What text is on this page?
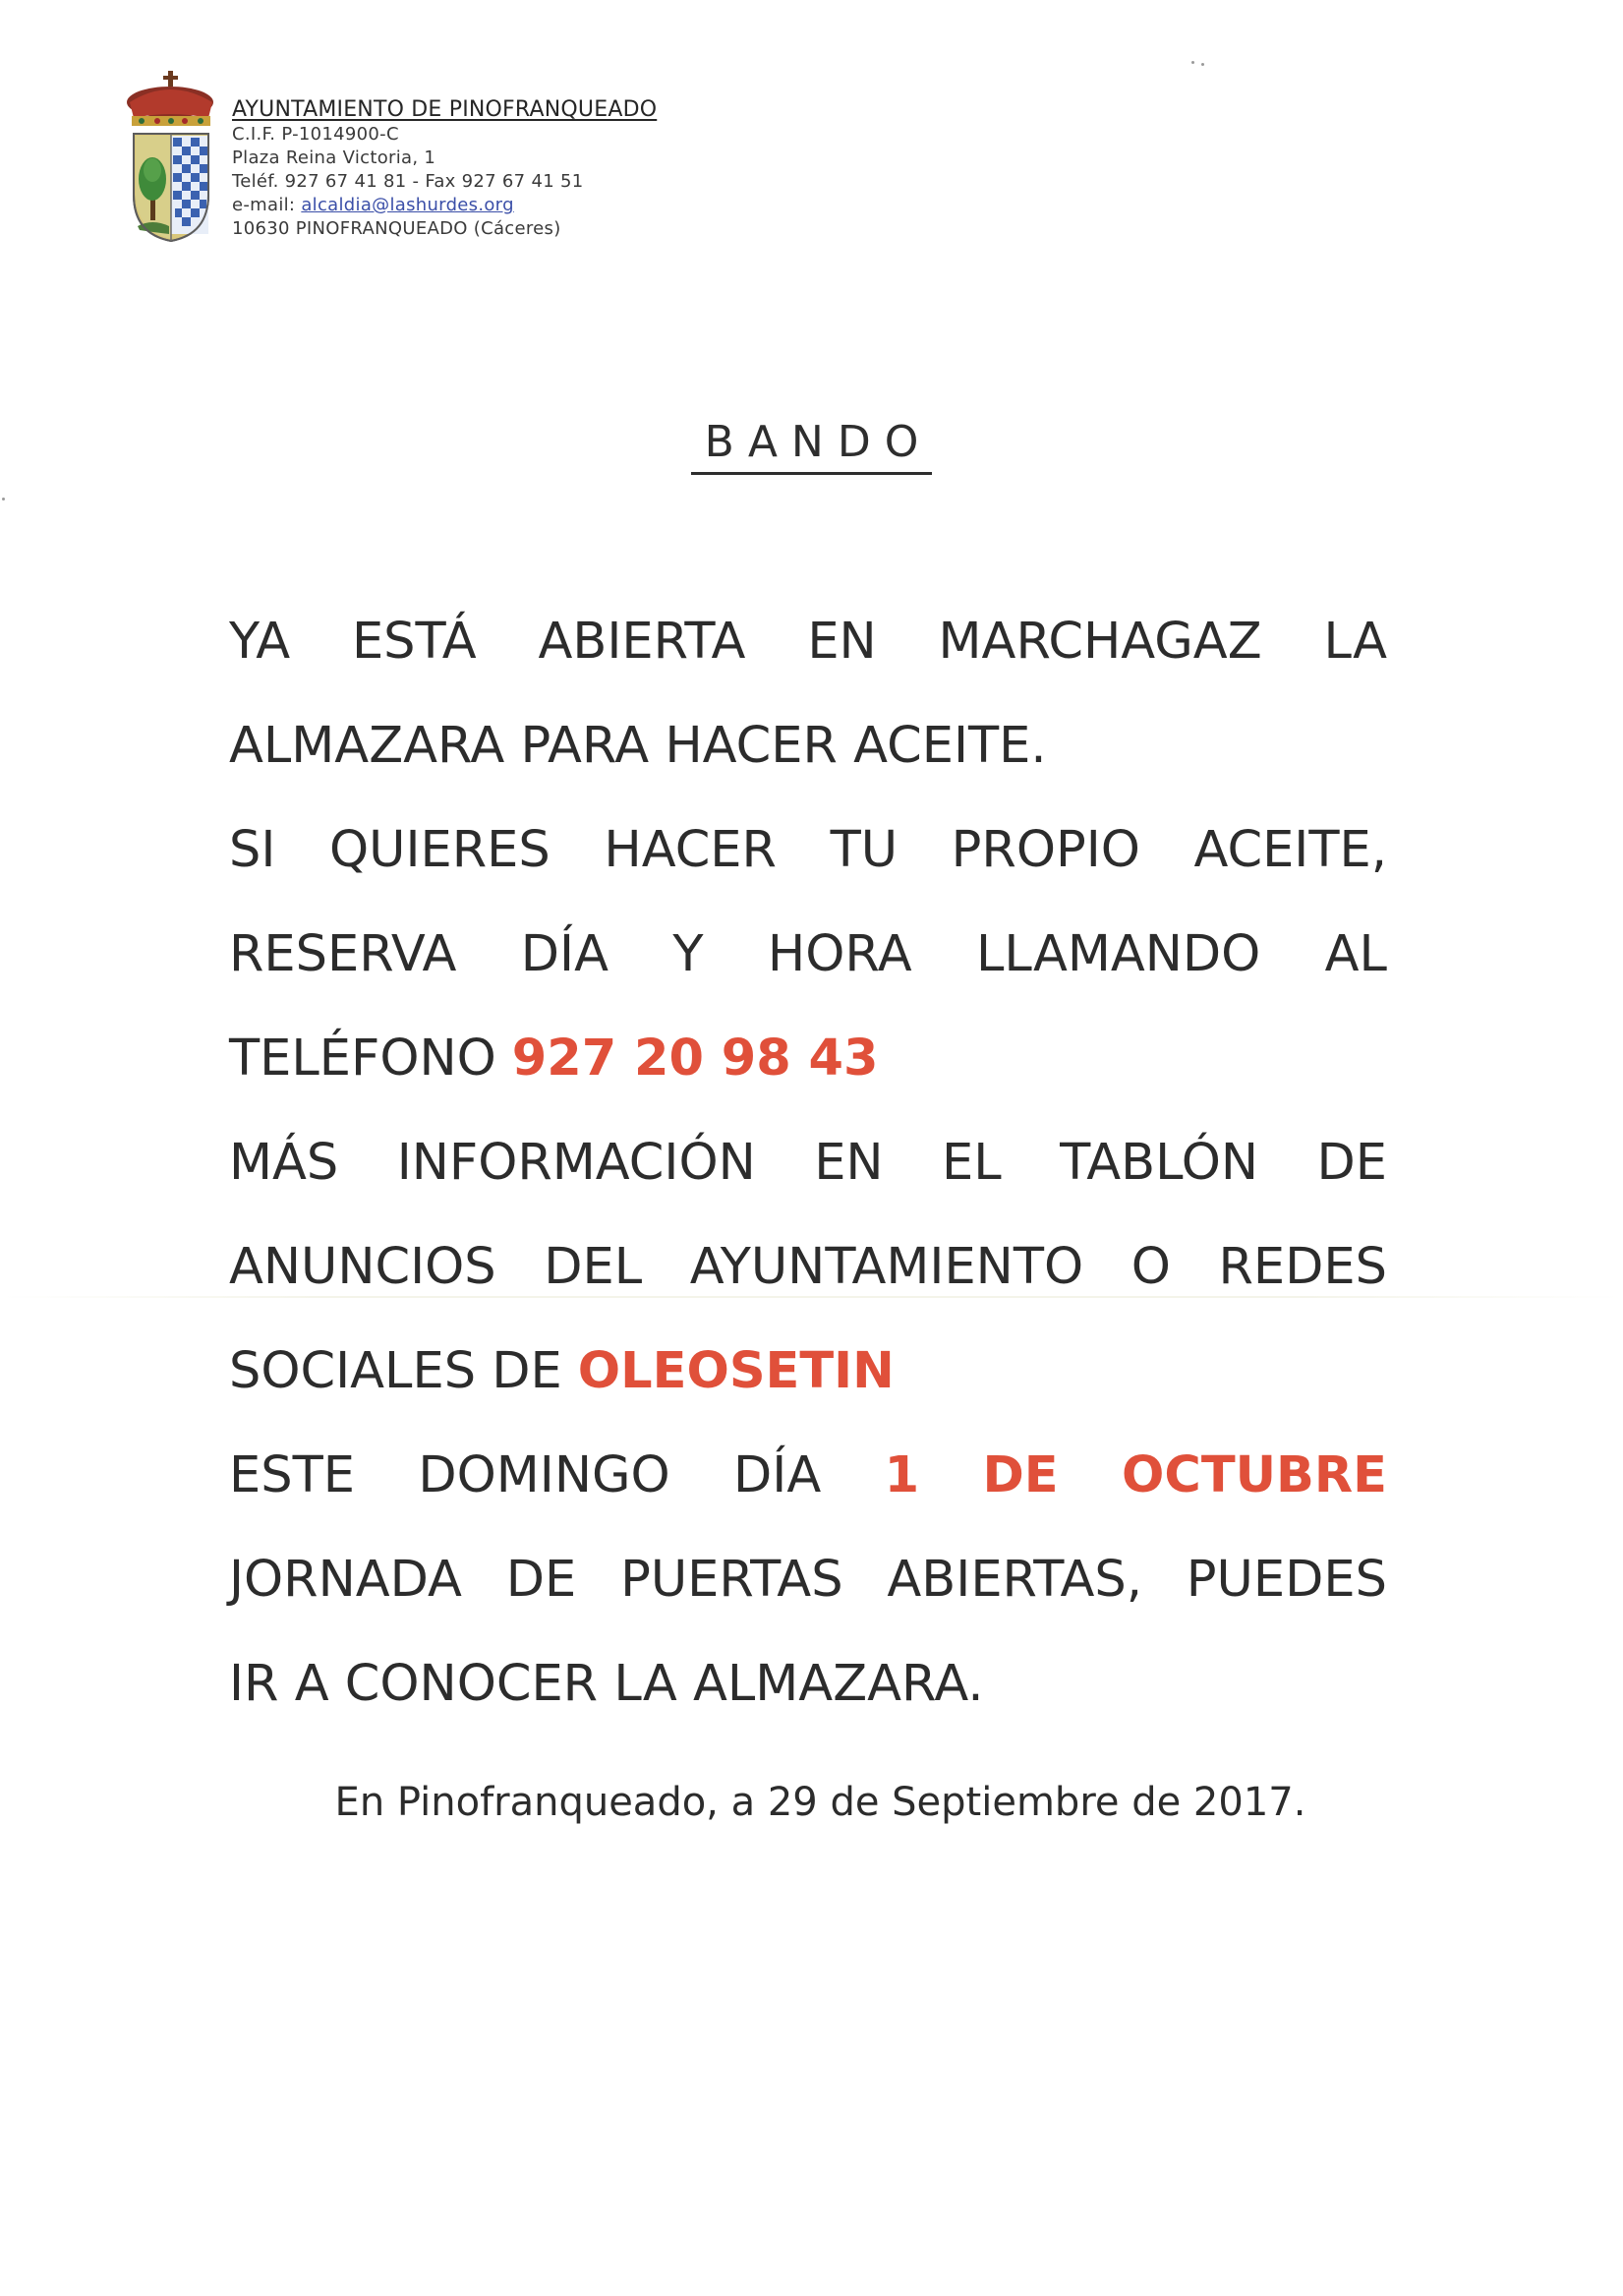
AYUNTAMIENTO DE PINOFRANQUEADO
C.I.F. P-1014900-C
Plaza Reina Victoria, 1
Teléf. 927 67 41 81 - Fax 927 67 41 51
e-mail: alcaldia@lashurdes.org
10630 PINOFRANQUEADO (Cáceres)
BANDO
YA ESTÁ ABIERTA EN MARCHAGAZ LA
ALMAZARA PARA HACER ACEITE.
SI QUIERES HACER TU PROPIO ACEITE,
RESERVA DÍA Y HORA LLAMANDO AL
TELÉFONO 927 20 98 43
MÁS INFORMACIÓN EN EL TABLÓN DE
ANUNCIOS DEL AYUNTAMIENTO O REDES
SOCIALES DE OLEOSETIN
ESTE DOMINGO DÍA 1 DE OCTUBRE
JORNADA DE PUERTAS ABIERTAS, PUEDES
IR A CONOCER LA ALMAZARA.
En Pinofranqueado, a 29 de Septiembre de 2017.
